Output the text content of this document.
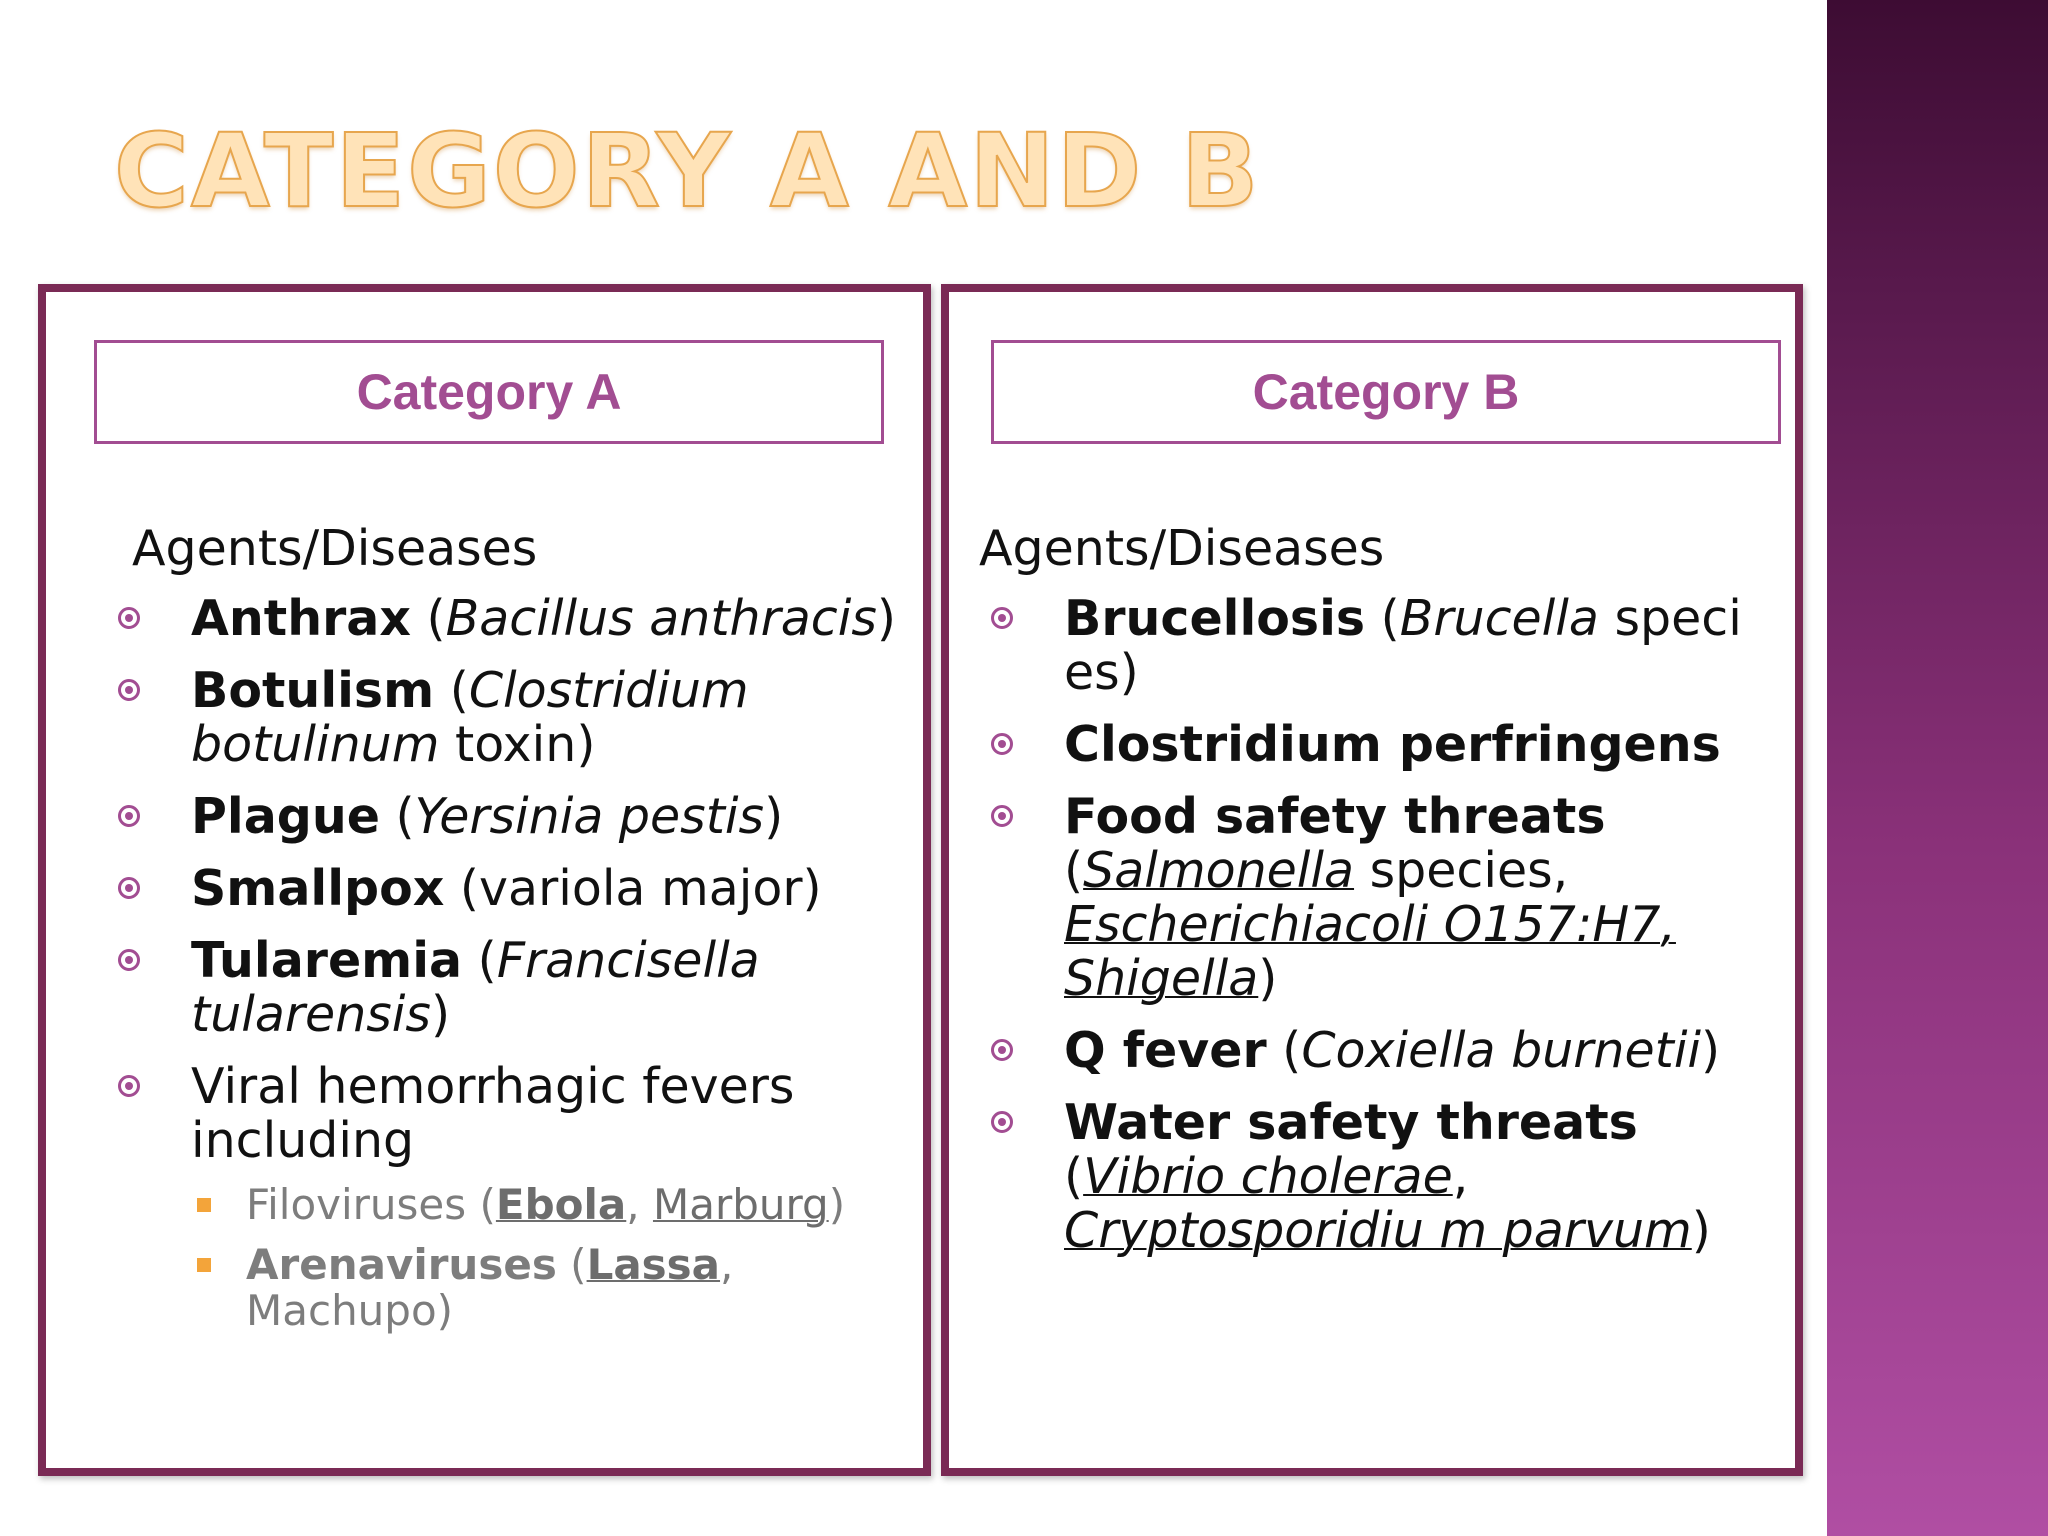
CATEGORY A AND B
Category A
Agents/Diseases
Anthrax (Bacillus anthracis)
Botulism (Clostridium botulinum toxin)
Plague (Yersinia pestis)
Smallpox (variola major)
Tularemia (Francisella tularensis)
Viral hemorrhagic fevers including
Filoviruses (Ebola, Marburg)
Arenaviruses (Lassa, Machupo)
Category B
Agents/Diseases
Brucellosis (Brucella speci es)
Clostridium perfringens
Food safety threats (Salmonella species, Escherichiacoli O157:H7, Shigella)
Q fever (Coxiella burnetii)
Water safety threats (Vibrio cholerae, Cryptosporidiu m parvum)
